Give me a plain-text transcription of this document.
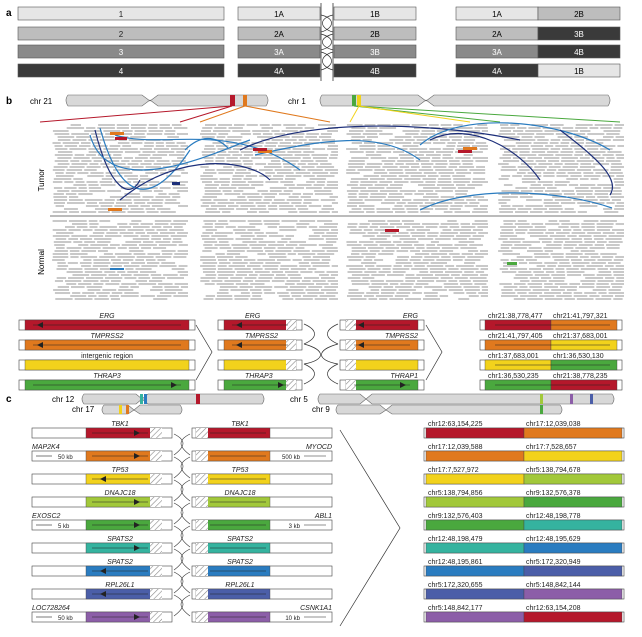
a	1
2
3
4
1A
2A
3A
4A
1B
2B
3B
4B
1A
2A
3A
4A
2B
3B
4B
1B
b chr 21	chr 1
Tumor
Normal
ERG
TMPRSS2
intergenic region
THRAP3
ERG	ERG
TMPRSS2	TMPRSS2
THRAP3	THRAP1
chr21:38,778,477 chr21:41,797,321
chr21:41,797,405 chr21:37,683,001
chr1:37,683,001 chr1:36,530,130
chr1:36,530,235 chr21:38,778,235
c	chr 12
chr 17
chr 5
chr 9
TBK1	TBK1	chr12:63,154,225	chr17:12,039,038
MAP2K4
50 kb
MYOCD
500 kb
chr17:12,039,588	chr17:7,528,657
TP53	TP53	chr17:7,527,972	chr5:138,794,678
DNAJC18	DNAJC18	chr5:138,794,856	chr9:132,576,378
EXOSC2
5 kb
ABL1
3 kb
chr9:132,576,403	chr12:48,198,778
SPATS2	SPATS2	chr12:48,198,479	chr12:48,195,629
SPATS2	SPATS2	chr12:48,195,861	chr5:172,320,949
RPL26L1	RPL26L1	chr5:172,320,655	chr5:148,842,144
LOC728264
50 kb
CSNK1A1
10 kb
chr5:148,842,177	chr12:63,154,208
